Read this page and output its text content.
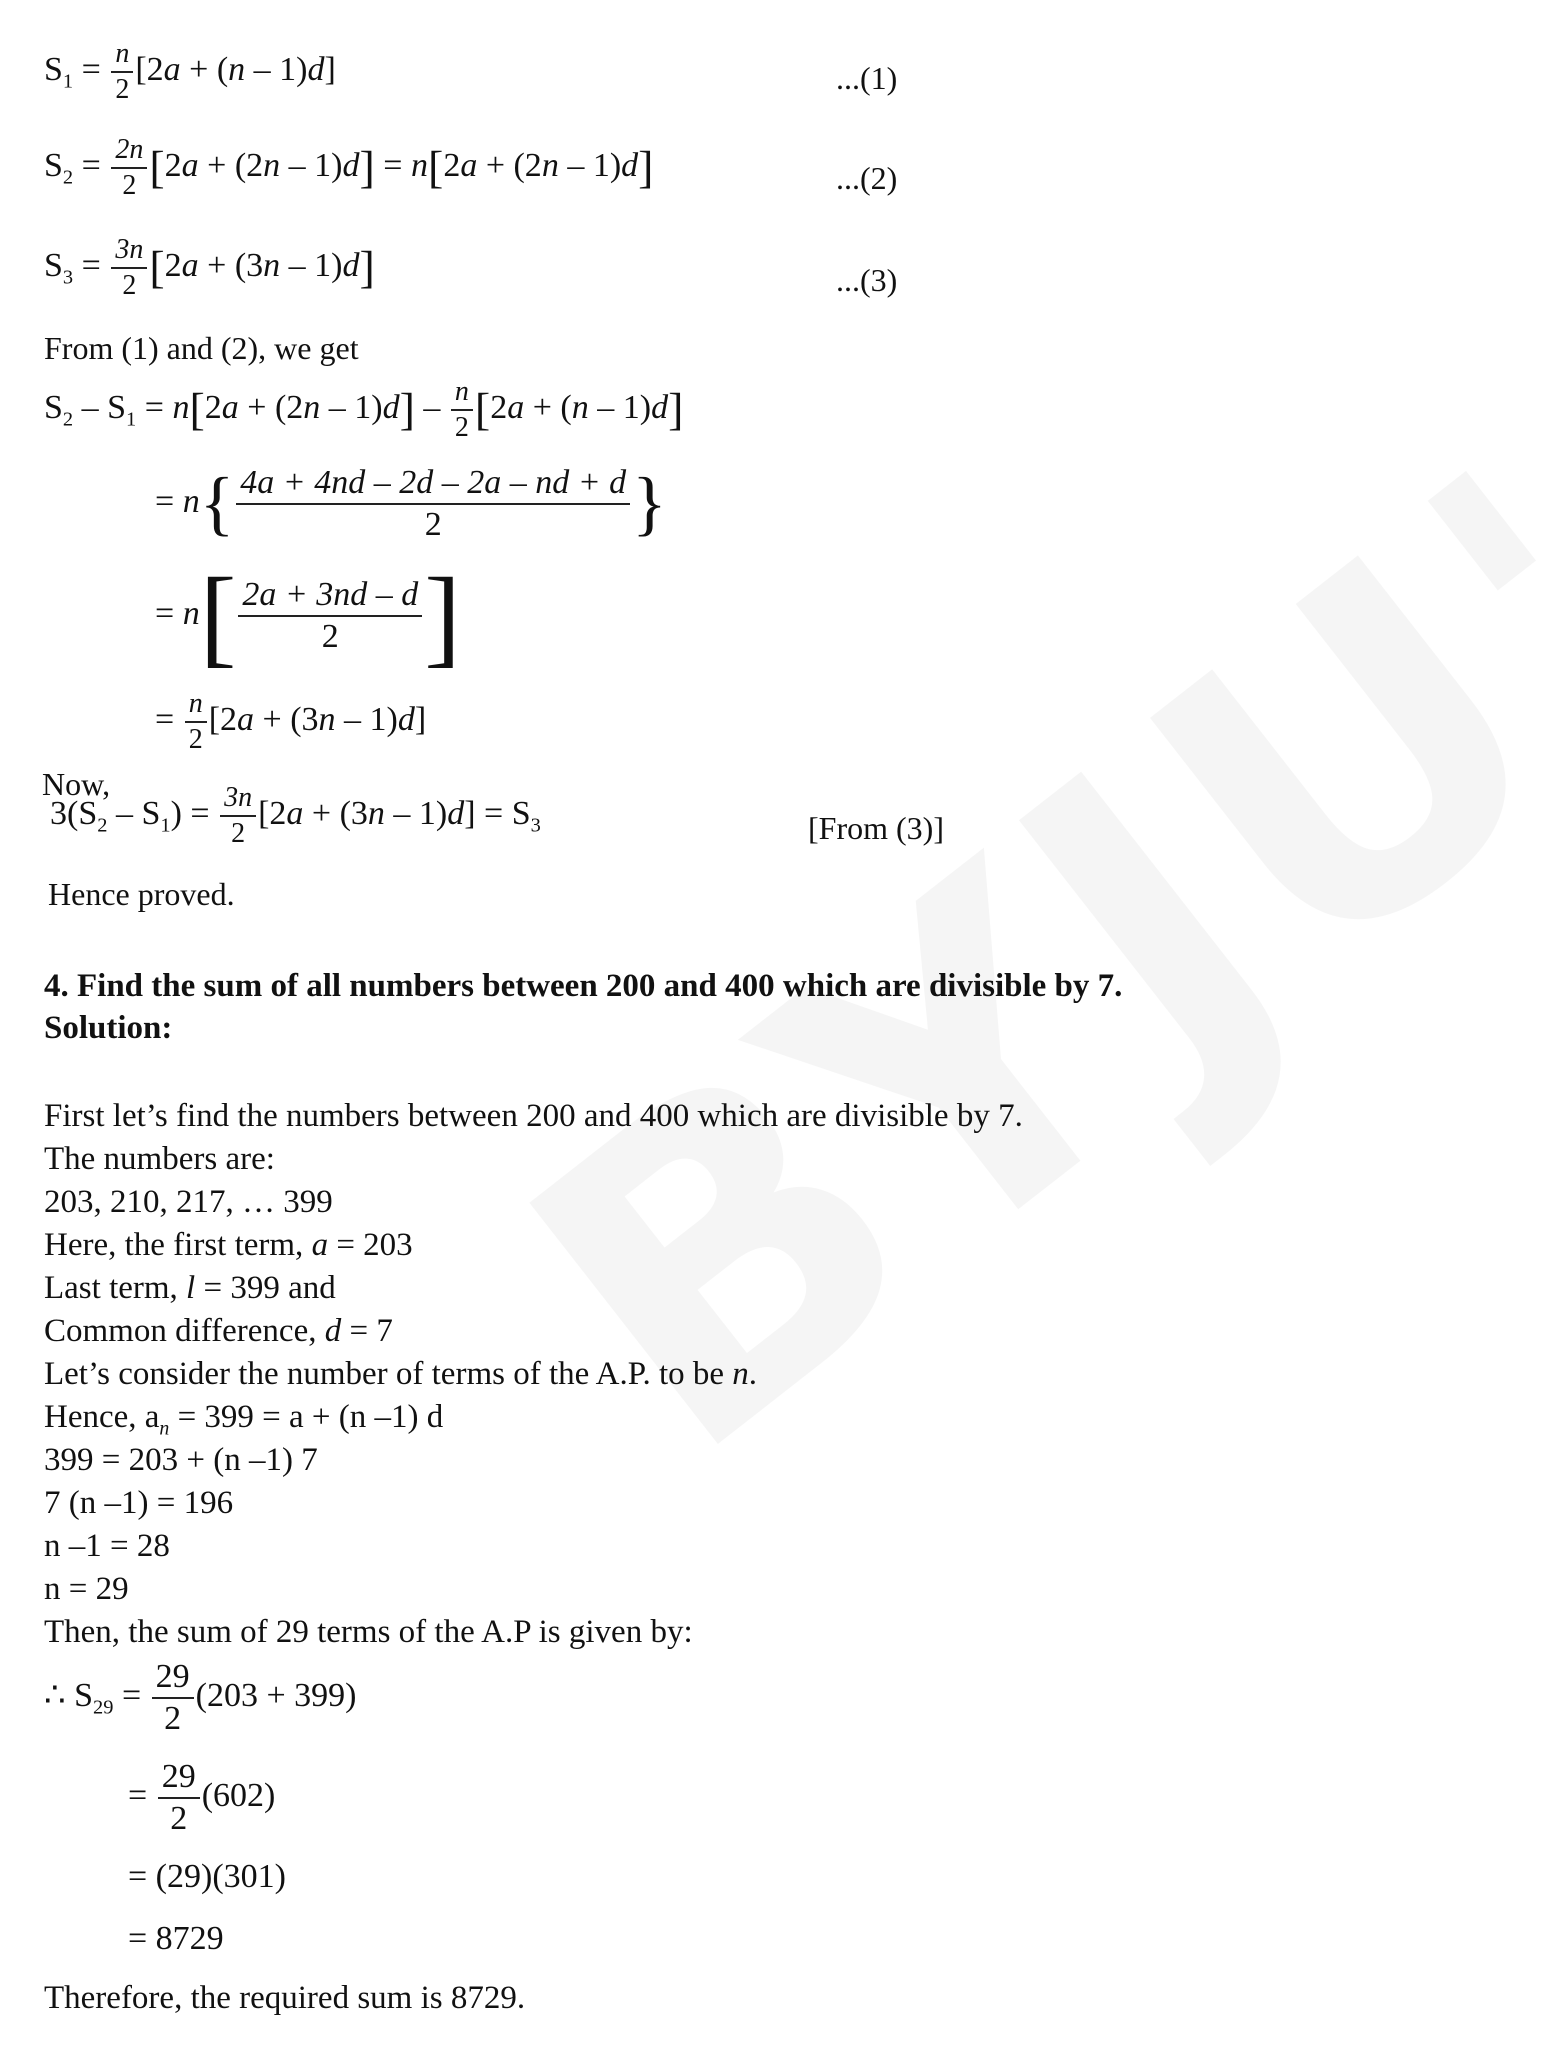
$S_1 = \frac{n}{2} [2a + (n - 1)d]$	...(1)
$S_2 = \frac{2n}{2} [2a + (2n - 1)d] = n[2a + (2n - 1)d]$	...(2)
$S_3 = \frac{3n}{2} [2a + (3n - 1)d]$	...(3)
From (1) and (2), we get
$S_2 - S_1 = n[2a + (2n - 1)d] - \frac{n}{2} [2a + (n - 1)d]$
= $n\{ \frac{4a + 4nd - 2d - 2a - nd + d}{2}$ }
= $n[ \frac{2a + 3nd - d}{2}$ ]
= $\frac{n}{2} [2a + (3n - 1)d]$
Now,
$3(S_2 - S_1) = \frac{3n}{2} [2a + (3n - 1)d] = S_3$	[From (3)]
Hence proved.
4. Find the sum of all numbers between 200 and 400 which are divisible by 7.
Solution:
First let’s find the numbers between 200 and 400 which are divisible by 7.
The numbers are:
203, 210, 217, … 399
Here, the first term, a = 203
Last term, l = 399 and
Common difference, d = 7
Let’s consider the number of terms of the A.P. to be n.
Hence, $a_n = 399 = a + (n$ –1) d
399 = 203 + (n –1) 7
7 (n –1) = 196
n –1 = 28
n = 29
Then, the sum of 29 terms of the A.P is given by:
∴ $S_{29} = \frac{29}{2} (203 + 399)$
= $\frac{29}{2} (602)$
= (29)(301)
= 8729
Therefore, the required sum is 8729.
